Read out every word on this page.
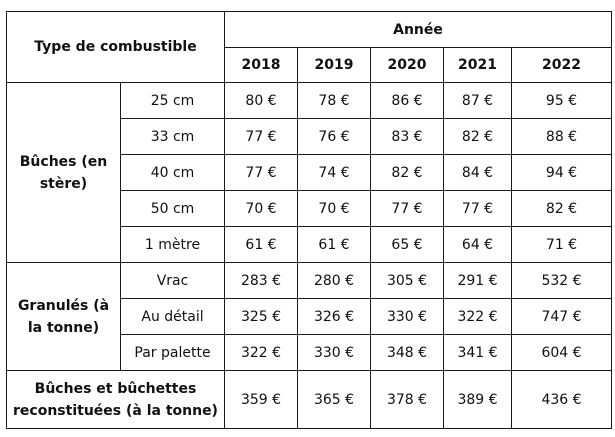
Type de combustible		Année				
		2018	2019	2020	2021	2022

Bûches (en
stère)	25 cm	80 €	78 €	86 €	87 €	95 €
	33 cm	77 €	76 €	83 €	82 €	88 €
	40 cm	77 €	74 €	82 €	84 €	94 €
	50 cm	70 €	70 €	77 €	77 €	82 €
	1 mètre	61 €	61 €	65 €	64 €	71 €

Granulés (à
la tonne)	Vrac	283 €	280 €	305 €	291 €	532 €
	Au détail	325 €	326 €	330 €	322 €	747 €
	Par palette	322 €	330 €	348 €	341 €	604 €

Bûches et bûchettes
reconstituées (à la tonne)		359 €	365 €	378 €	389 €	436 €
